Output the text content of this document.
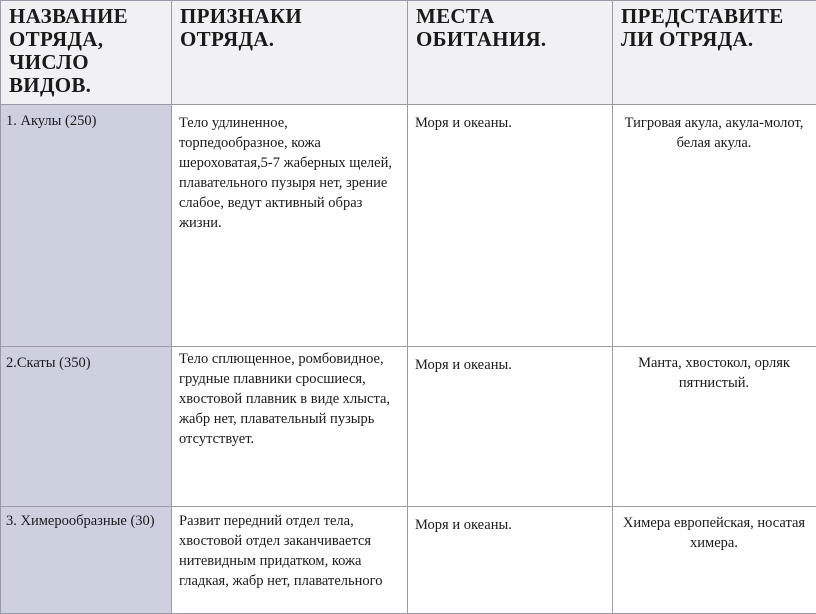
НАЗВАНИЕ ОТРЯДА, ЧИСЛО ВИДОВ.	ПРИЗНАКИ ОТРЯДА.	МЕСТА ОБИТАНИЯ.	ПРЕДСТАВИТЕ ЛИ ОТРЯДА.
1. Акулы (250)	Тело удлиненное, торпедообразное, кожа шероховатая,5-7 жаберных щелей, плавательного пузыря нет, зрение слабое, ведут активный образ жизни.	Моря и океаны.	Тигровая акула, акула-молот, белая акула.
2.Скаты (350)	Тело сплющенное, ромбовидное, грудные плавники сросшиеся, хвостовой плавник в виде хлыста, жабр нет, плавательный пузырь отсутствует.	Моря и океаны.	Манта, хвостокол, орляк пятнистый.
3. Химерообразные (30)	Развит передний отдел тела, хвостовой отдел заканчивается нитевидным придатком, кожа гладкая, жабр нет, плавательного	Моря и океаны.	Химера европейская, носатая химера.
